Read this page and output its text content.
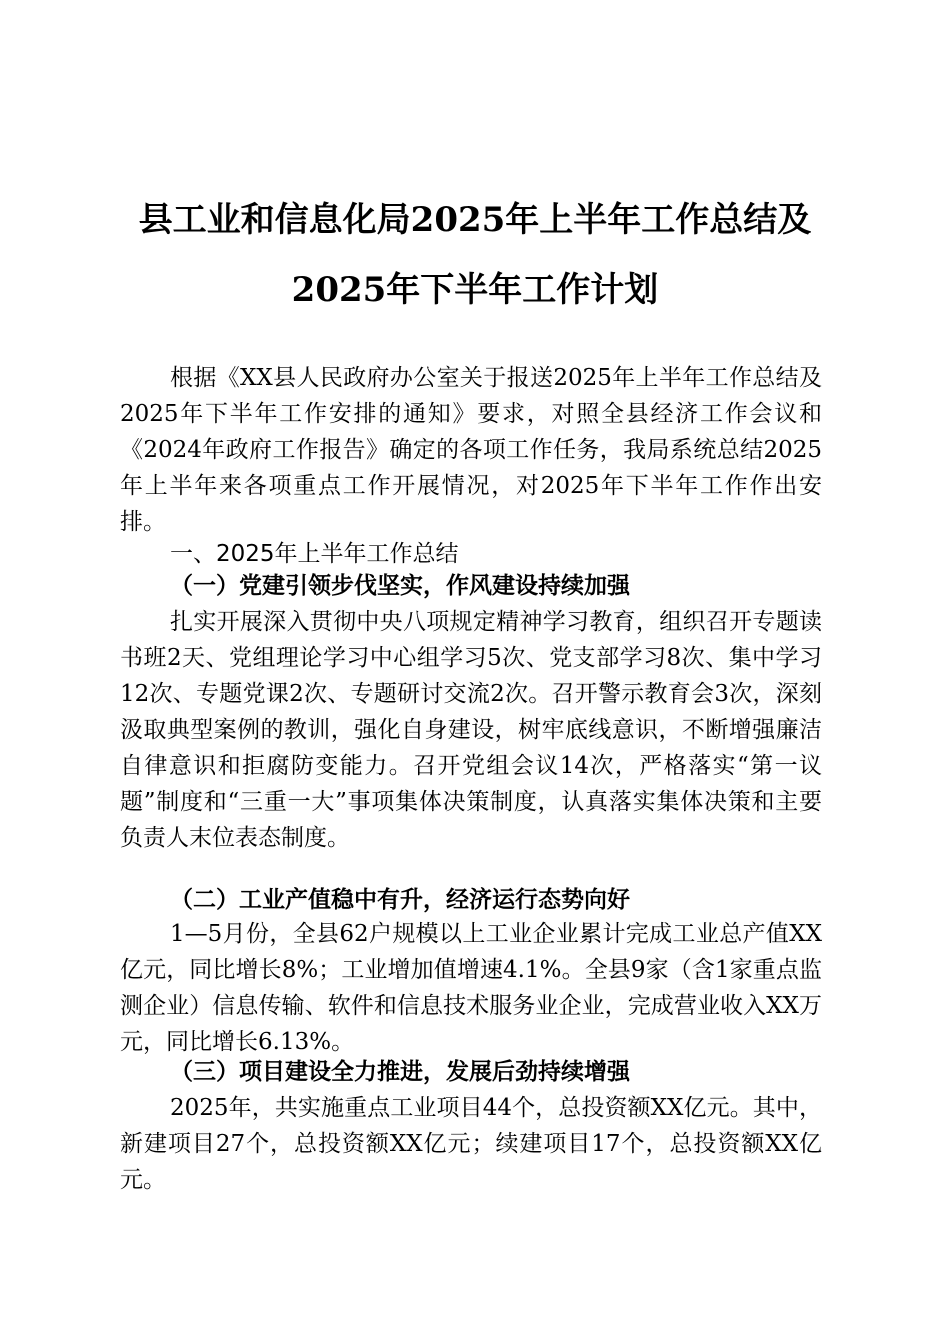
县工业和信息化局2025年上半年工作总结及
2025年下半年工作计划

根据《XX县人民政府办公室关于报送2025年上半年工作总结及2025年下半年工作安排的通知》要求，对照全县经济工作会议和《2024年政府工作报告》确定的各项工作任务，我局系统总结2025年上半年来各项重点工作开展情况，对2025年下半年工作作出安排。

一、2025年上半年工作总结
（一）党建引领步伐坚实，作风建设持续加强

扎实开展深入贯彻中央八项规定精神学习教育，组织召开专题读书班2天、党组理论学习中心组学习5次、党支部学习8次、集中学习12次、专题党课2次、专题研讨交流2次。召开警示教育会3次，深刻汲取典型案例的教训，强化自身建设，树牢底线意识，不断增强廉洁自律意识和拒腐防变能力。召开党组会议14次，严格落实“第一议题”制度和“三重一大”事项集体决策制度，认真落实集体决策和主要负责人末位表态制度。

（二）工业产值稳中有升，经济运行态势向好

1—5月份，全县62户规模以上工业企业累计完成工业总产值XX亿元，同比增长8%；工业增加值增速4.1%。全县9家（含1家重点监测企业）信息传输、软件和信息技术服务业企业，完成营业收入XX万元，同比增长6.13%。

（三）项目建设全力推进，发展后劲持续增强

2025年，共实施重点工业项目44个，总投资额XX亿元。其中，新建项目27个，总投资额XX亿元；续建项目17个，总投资额XX亿元。
